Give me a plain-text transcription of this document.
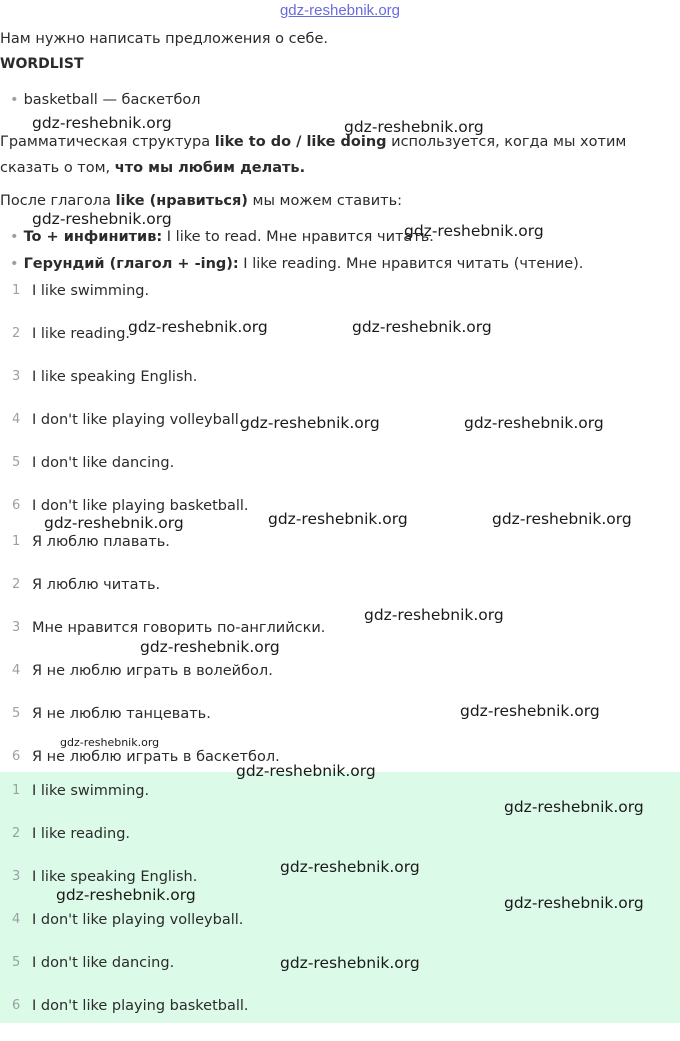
gdz-reshebnik.org
Нам нужно написать предложения о себе.
WORDLIST
• basketball — баскетбол
Грамматическая структура like to do / like doing используется, когда мы хотим сказать о том, что мы любим делать.
После глагола like (нравиться) мы можем ставить:
• To + инфинитив: I like to read. Мне нравится читать.
• Герундий (глагол + -ing): I like reading. Мне нравится читать (чтение).
1 I like swimming.
2 I like reading.
3 I like speaking English.
4 I don't like playing volleyball.
5 I don't like dancing.
6 I don't like playing basketball.
1 Я люблю плавать.
2 Я люблю читать.
3 Мне нравится говорить по-английски.
4 Я не люблю играть в волейбол.
5 Я не люблю танцевать.
6 Я не люблю играть в баскетбол.
1 I like swimming.
2 I like reading.
3 I like speaking English.
4 I don't like playing volleyball.
5 I don't like dancing.
6 I don't like playing basketball.
gdz-reshebnik.org	gdz-reshebnik.org
gdz-reshebnik.org
gdz-reshebnik.org
gdz-reshebnik.org	gdz-reshebnik.org
gdz-reshebnik.org	gdz-reshebnik.org
gdz-reshebnik.org	gdz-reshebnik.org	gdz-reshebnik.org
gdz-reshebnik.org
gdz-reshebnik.org
gdz-reshebnik.org
gdz-reshebnik.org
gdz-reshebnik.org
gdz-reshebnik.org
gdz-reshebnik.org
gdz-reshebnik.org	gdz-reshebnik.org
gdz-reshebnik.org
